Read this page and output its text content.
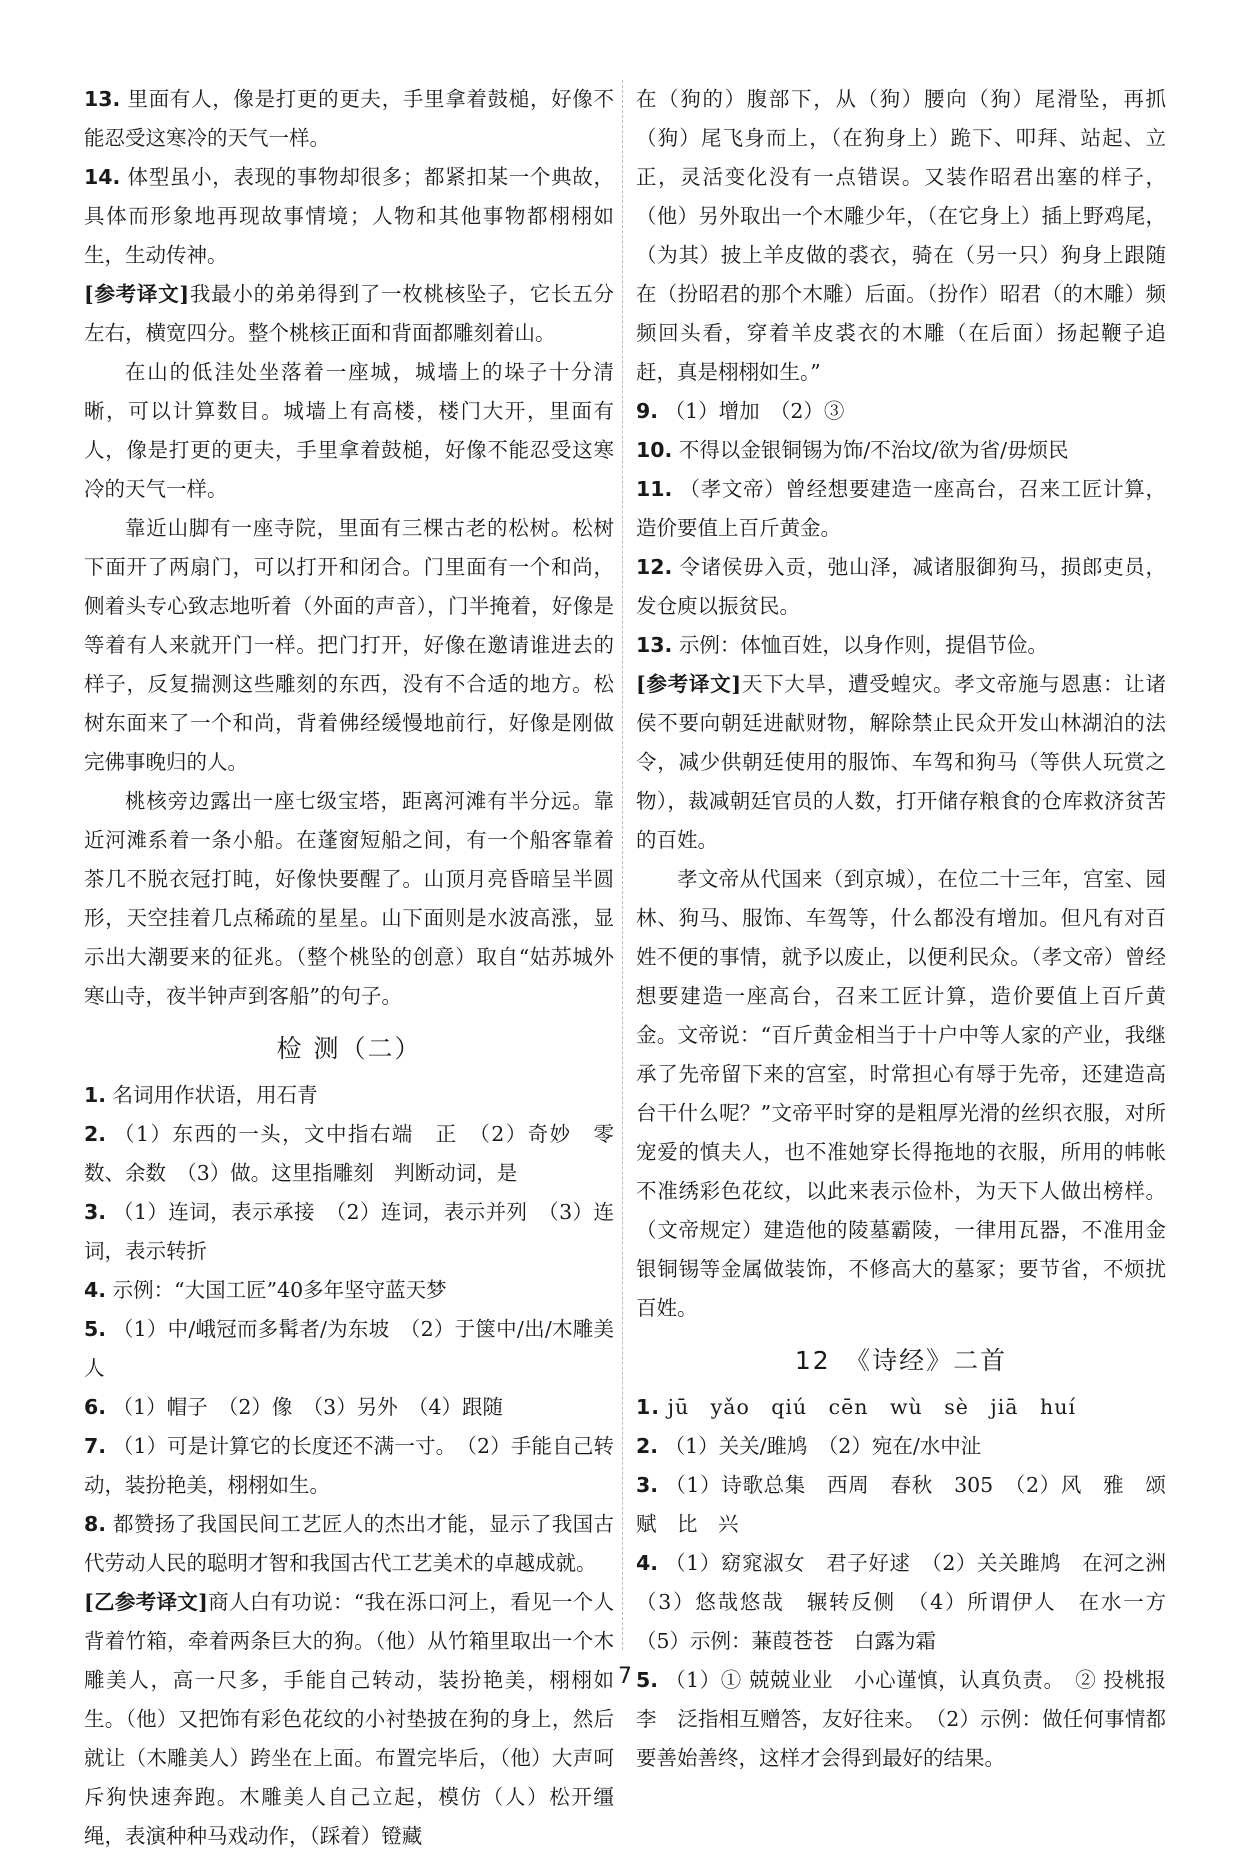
13. 里面有人，像是打更的更夫，手里拿着鼓槌，好像不能忍受这寒冷的天气一样。

14. 体型虽小，表现的事物却很多；都紧扣某一个典故，具体而形象地再现故事情境；人物和其他事物都栩栩如生，生动传神。

[参考译文]我最小的弟弟得到了一枚桃核坠子，它长五分左右，横宽四分。整个桃核正面和背面都雕刻着山。

在山的低洼处坐落着一座城，城墙上的垛子十分清晰，可以计算数目。城墙上有高楼，楼门大开，里面有人，像是打更的更夫，手里拿着鼓槌，好像不能忍受这寒冷的天气一样。

靠近山脚有一座寺院，里面有三棵古老的松树。松树下面开了两扇门，可以打开和闭合。门里面有一个和尚，侧着头专心致志地听着（外面的声音），门半掩着，好像是等着有人来就开门一样。把门打开，好像在邀请谁进去的样子，反复揣测这些雕刻的东西，没有不合适的地方。松树东面来了一个和尚，背着佛经缓慢地前行，好像是刚做完佛事晚归的人。

桃核旁边露出一座七级宝塔，距离河滩有半分远。靠近河滩系着一条小船。在蓬窗短船之间，有一个船客靠着茶几不脱衣冠打盹，好像快要醒了。山顶月亮昏暗呈半圆形，天空挂着几点稀疏的星星。山下面则是水波高涨，显示出大潮要来的征兆。（整个桃坠的创意）取自“姑苏城外寒山寺，夜半钟声到客船”的句子。

检 测（二）

1. 名词用作状语，用石青

2. （1）东西的一头，文中指右端　正　（2）奇妙　零数、余数　（3）做。这里指雕刻　判断动词，是

3. （1）连词，表示承接　（2）连词，表示并列　（3）连词，表示转折

4. 示例：“大国工匠”40多年坚守蓝天梦

5. （1）中/峨冠而多髯者/为东坡　（2）于箧中/出/木雕美人

6. （1）帽子　（2）像　（3）另外　（4）跟随

7. （1）可是计算它的长度还不满一寸。　（2）手能自己转动，装扮艳美，栩栩如生。

8. 都赞扬了我国民间工艺匠人的杰出才能，显示了我国古代劳动人民的聪明才智和我国古代工艺美术的卓越成就。

[乙参考译文]商人白有功说：“我在泺口河上，看见一个人背着竹箱，牵着两条巨大的狗。（他）从竹箱里取出一个木雕美人，高一尺多，手能自己转动，装扮艳美，栩栩如生。（他）又把饰有彩色花纹的小衬垫披在狗的身上，然后就让（木雕美人）跨坐在上面。布置完毕后，（他）大声呵斥狗快速奔跑。木雕美人自己立起，模仿（人）松开缰绳，表演种种马戏动作，（踩着）镫藏

在（狗的）腹部下，从（狗）腰向（狗）尾滑坠，再抓（狗）尾飞身而上，（在狗身上）跪下、叩拜、站起、立正，灵活变化没有一点错误。又装作昭君出塞的样子，（他）另外取出一个木雕少年，（在它身上）插上野鸡尾，（为其）披上羊皮做的裘衣，骑在（另一只）狗身上跟随在（扮昭君的那个木雕）后面。（扮作）昭君（的木雕）频频回头看，穿着羊皮裘衣的木雕（在后面）扬起鞭子追赶，真是栩栩如生。”

9. （1）增加　（2）③

10. 不得以金银铜锡为饰/不治坟/欲为省/毋烦民

11. （孝文帝）曾经想要建造一座高台，召来工匠计算，造价要值上百斤黄金。

12. 令诸侯毋入贡，弛山泽，减诸服御狗马，损郎吏员，发仓庾以振贫民。

13. 示例：体恤百姓，以身作则，提倡节俭。

[参考译文]天下大旱，遭受蝗灾。孝文帝施与恩惠：让诸侯不要向朝廷进献财物，解除禁止民众开发山林湖泊的法令，减少供朝廷使用的服饰、车驾和狗马（等供人玩赏之物），裁减朝廷官员的人数，打开储存粮食的仓库救济贫苦的百姓。

孝文帝从代国来（到京城），在位二十三年，宫室、园林、狗马、服饰、车驾等，什么都没有增加。但凡有对百姓不便的事情，就予以废止，以便利民众。（孝文帝）曾经想要建造一座高台，召来工匠计算，造价要值上百斤黄金。文帝说：“百斤黄金相当于十户中等人家的产业，我继承了先帝留下来的宫室，时常担心有辱于先帝，还建造高台干什么呢？”文帝平时穿的是粗厚光滑的丝织衣服，对所宠爱的慎夫人，也不准她穿长得拖地的衣服，所用的帏帐不准绣彩色花纹，以此来表示俭朴，为天下人做出榜样。（文帝规定）建造他的陵墓霸陵，一律用瓦器，不准用金银铜锡等金属做装饰，不修高大的墓冢；要节省，不烦扰百姓。

12　《诗经》二首

1. jū　yǎo　qiú　cēn　wù　sè　jiā　huí

2. （1）关关/雎鸠　（2）宛在/水中沚

3. （1）诗歌总集　西周　春秋　305　（2）风　雅　颂　赋　比　兴

4. （1）窈窕淑女　君子好逑　（2）关关雎鸠　在河之洲　（3）悠哉悠哉　辗转反侧　（4）所谓伊人　在水一方　（5）示例：蒹葭苍苍　白露为霜

5. （1）① 兢兢业业　小心谨慎，认真负责。　② 投桃报李　泛指相互赠答，友好往来。　（2）示例：做任何事情都要善始善终，这样才会得到最好的结果。

7
